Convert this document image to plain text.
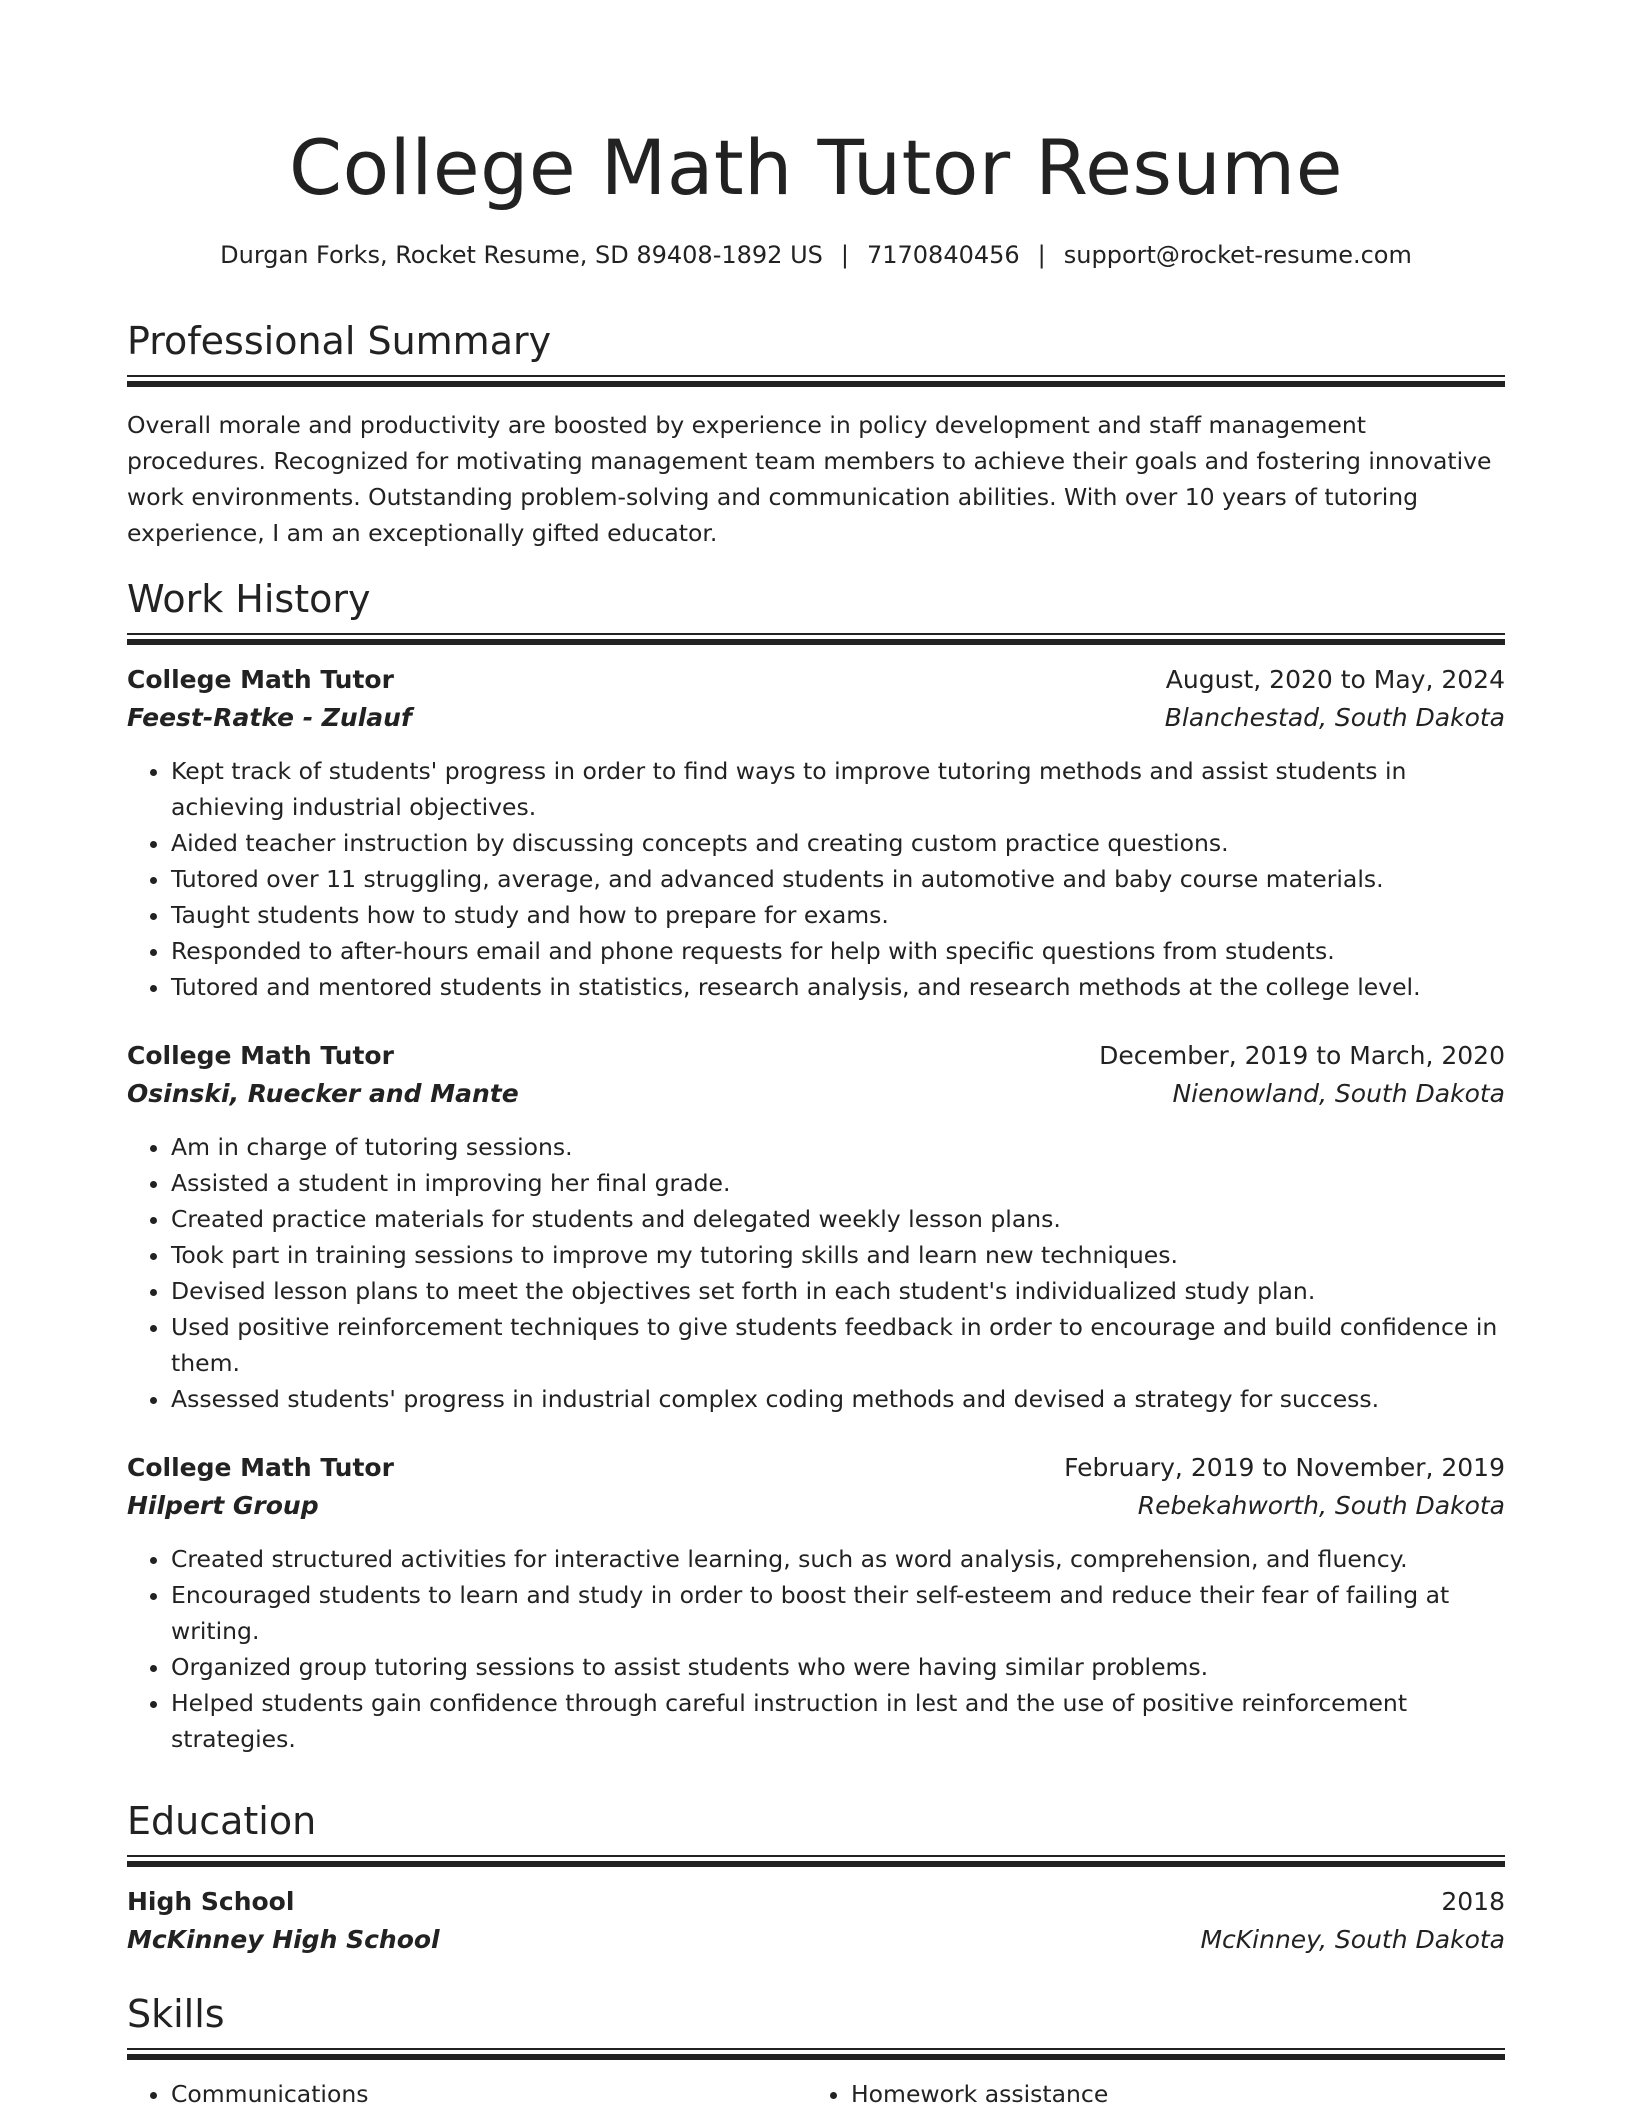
College Math Tutor Resume
Durgan Forks, Rocket Resume, SD 89408-1892 US | 7170840456 | support@rocket-resume.com
Professional Summary

Overall morale and productivity are boosted by experience in policy development and staff management procedures. Recognized for motivating management team members to achieve their goals and fostering innovative work environments. Outstanding problem-solving and communication abilities. With over 10 years of tutoring experience, I am an exceptionally gifted educator.

Work History
College Math Tutor	August, 2020 to May, 2024
Feest-Ratke - Zulauf	Blanchestad, South Dakota
• Kept track of students' progress in order to find ways to improve tutoring methods and assist students in achieving industrial objectives.
• Aided teacher instruction by discussing concepts and creating custom practice questions.
• Tutored over 11 struggling, average, and advanced students in automotive and baby course materials.
• Taught students how to study and how to prepare for exams.
• Responded to after-hours email and phone requests for help with specific questions from students.
• Tutored and mentored students in statistics, research analysis, and research methods at the college level.
College Math Tutor	December, 2019 to March, 2020
Osinski, Ruecker and Mante	Nienowland, South Dakota
• Am in charge of tutoring sessions.
• Assisted a student in improving her final grade.
• Created practice materials for students and delegated weekly lesson plans.
• Took part in training sessions to improve my tutoring skills and learn new techniques.
• Devised lesson plans to meet the objectives set forth in each student's individualized study plan.
• Used positive reinforcement techniques to give students feedback in order to encourage and build confidence in them.
• Assessed students' progress in industrial complex coding methods and devised a strategy for success.
College Math Tutor	February, 2019 to November, 2019
Hilpert Group	Rebekahworth, South Dakota
• Created structured activities for interactive learning, such as word analysis, comprehension, and fluency.
• Encouraged students to learn and study in order to boost their self-esteem and reduce their fear of failing at writing.
• Organized group tutoring sessions to assist students who were having similar problems.
• Helped students gain confidence through careful instruction in lest and the use of positive reinforcement strategies.
Education
High School	2018
McKinney High School	McKinney, South Dakota
Skills
• Communications
•	Homework assistance
